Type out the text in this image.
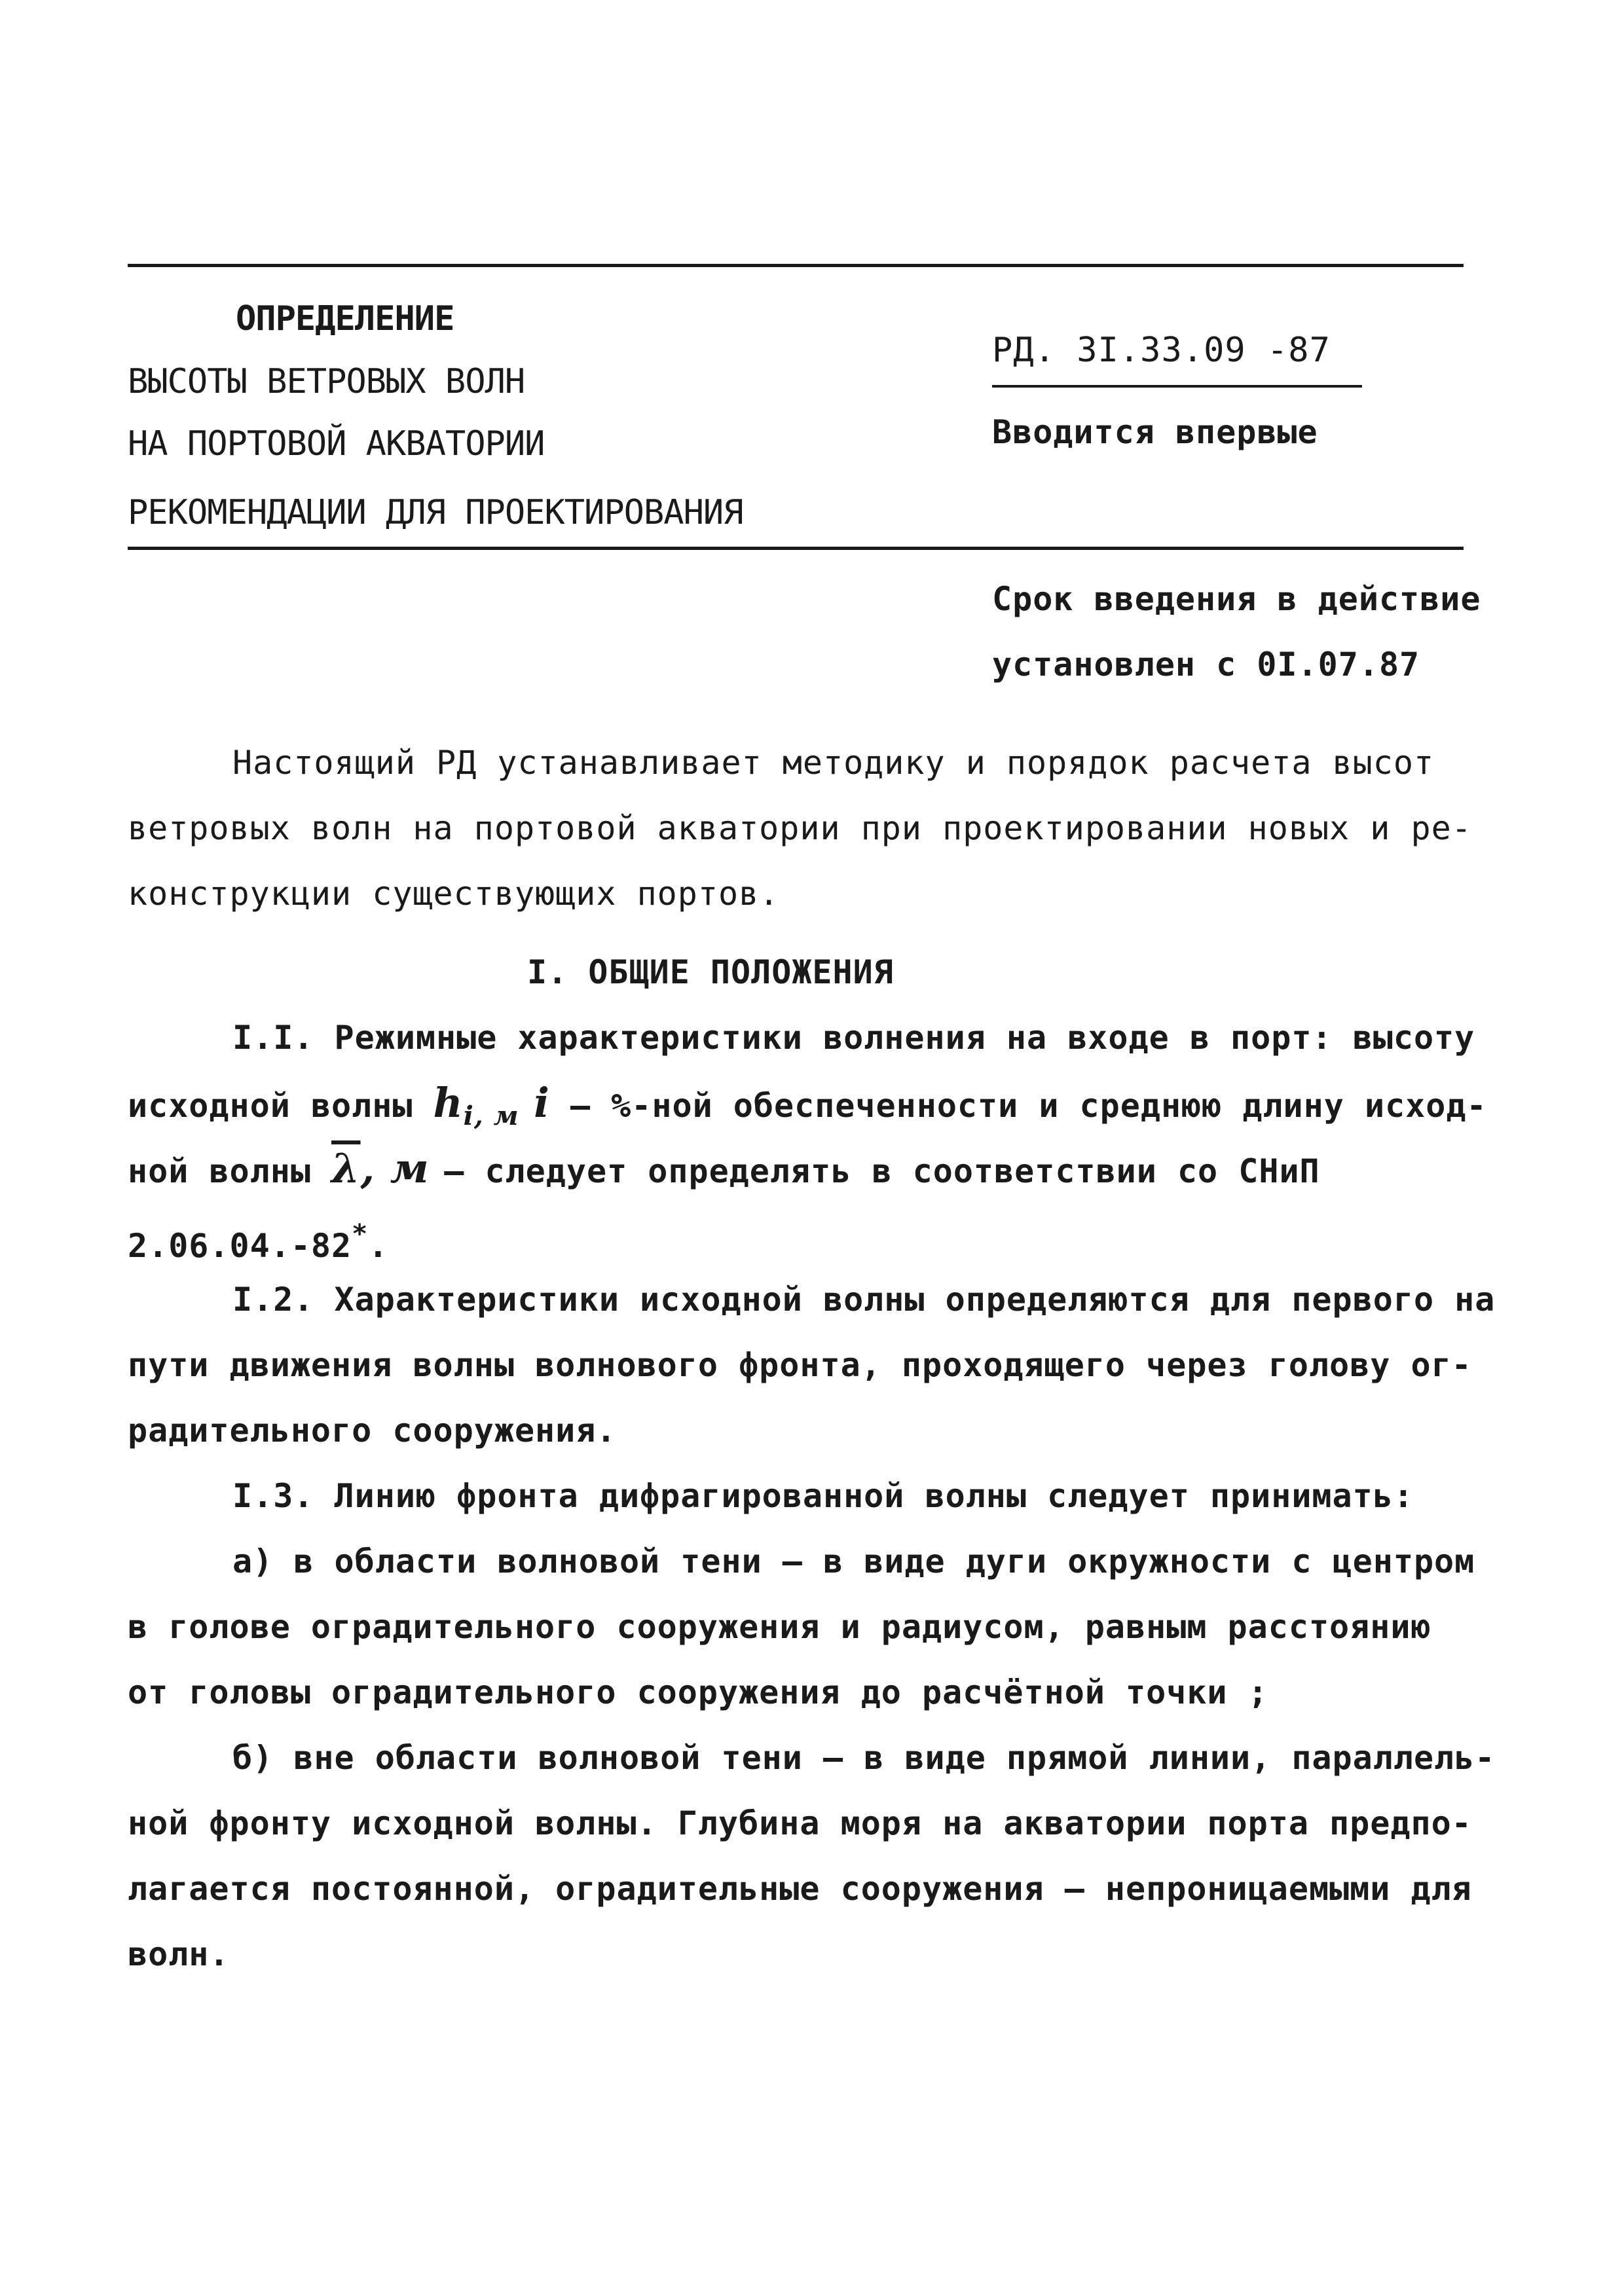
ОПРЕДЕЛЕНИЕ
ВЫСОТЫ ВЕТРОВЫХ ВОЛН
НА ПОРТОВОЙ АКВАТОРИИ
РЕКОМЕНДАЦИИ ДЛЯ ПРОЕКТИРОВАНИЯ
РД. 3I.33.09 -87
Вводится впервые
Срок введения в действие
установлен с 0I.07.87
Настоящий РД устанавливает методику и порядок расчета высот
ветровых волн на портовой акватории при проектировании новых и ре-
конструкции существующих портов.
I. ОБЩИЕ ПОЛОЖЕНИЯ
I.I. Режимные характеристики волнения на входе в порт: высоту
исходной волны $h_{i, м}$ i – %-ной обеспеченности и среднюю длину исход-
ной волны $\overline{\lambda}$, м – следует определять в соответствии со СНиП
2.06.04.-82*.
I.2. Характеристики исходной волны определяются для первого на
пути движения волны волнового фронта, проходящего через голову ог-
радительного сооружения.
I.3. Линию фронта дифрагированной волны следует принимать:
а) в области волновой тени – в виде дуги окружности с центром
в голове оградительного сооружения и радиусом, равным расстоянию
от головы оградительного сооружения до расчётной точки ;
б) вне области волновой тени – в виде прямой линии, параллель-
ной фронту исходной волны. Глубина моря на акватории порта предпо-
лагается постоянной, оградительные сооружения – непроницаемыми для
волн.
